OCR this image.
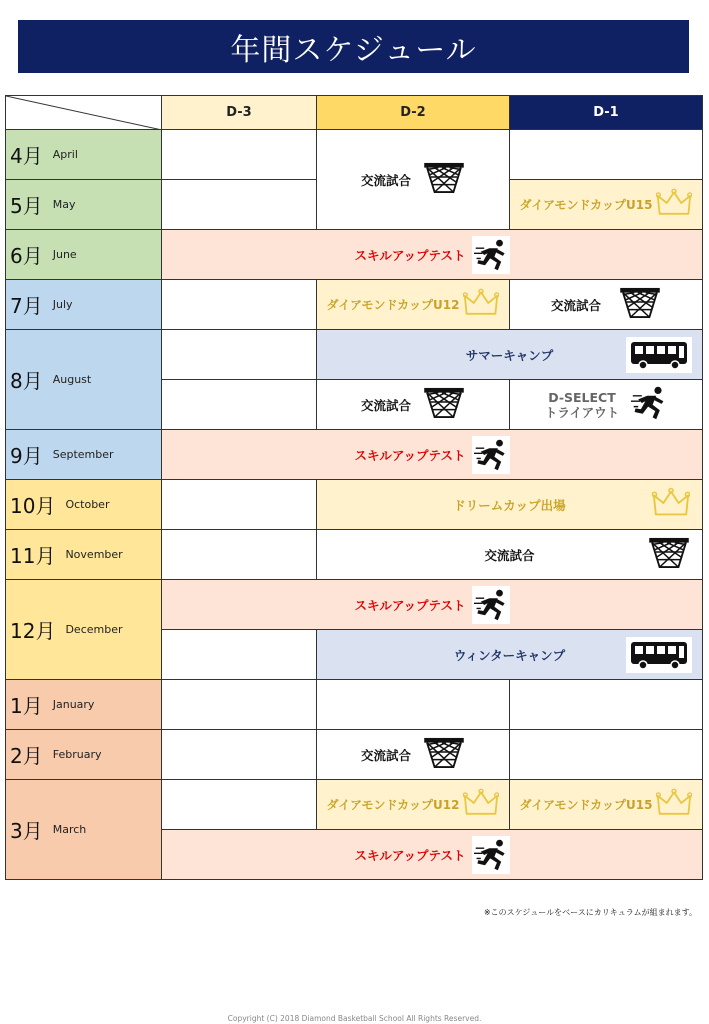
年間スケジュール
	D-3	D-2	D-1
4月 April		交流試合	

5月 May			ダイアモンドカップU15

6月 June	スキルアップテスト		

7月 July		ダイアモンドカップU12	交流試合

8月 August		サマーキャンプ	

		交流試合	D-SELECT
トライアウト

9月 September	スキルアップテスト		

10月 October		ドリームカップ出場	

11月 November		交流試合	

12月 December	スキルアップテスト		

		ウィンターキャンプ	

1月 January			
2月 February		交流試合	

3月 March		ダイアモンドカップU12	ダイアモンドカップU15

	スキルアップテスト		
※このスケジュールをベースにカリキュラムが組まれます。
Copyright (C) 2018 Diamond Basketball School All Rights Reserved.
